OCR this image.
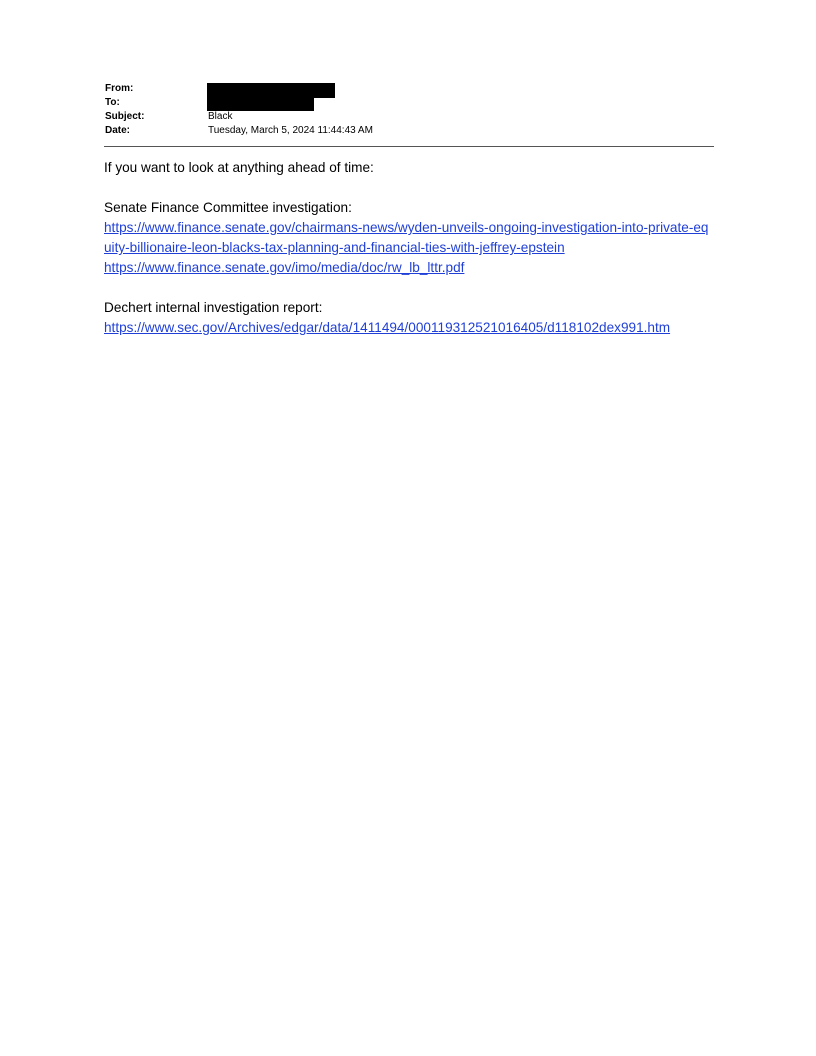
From:
To:
Subject:	Black
Date:	Tuesday, March 5, 2024 11:44:43 AM

If you want to look at anything ahead of time:

Senate Finance Committee investigation:

https://www.finance.senate.gov/chairmans-news/wyden-unveils-ongoing-investigation-into-private-equity-billionaire-leon-blacks-tax-planning-and-financial-ties-with-jeffrey-epstein

https://www.finance.senate.gov/imo/media/doc/rw_lb_lttr.pdf

Dechert internal investigation report:

https://www.sec.gov/Archives/edgar/data/1411494/000119312521016405/d118102dex991.htm
